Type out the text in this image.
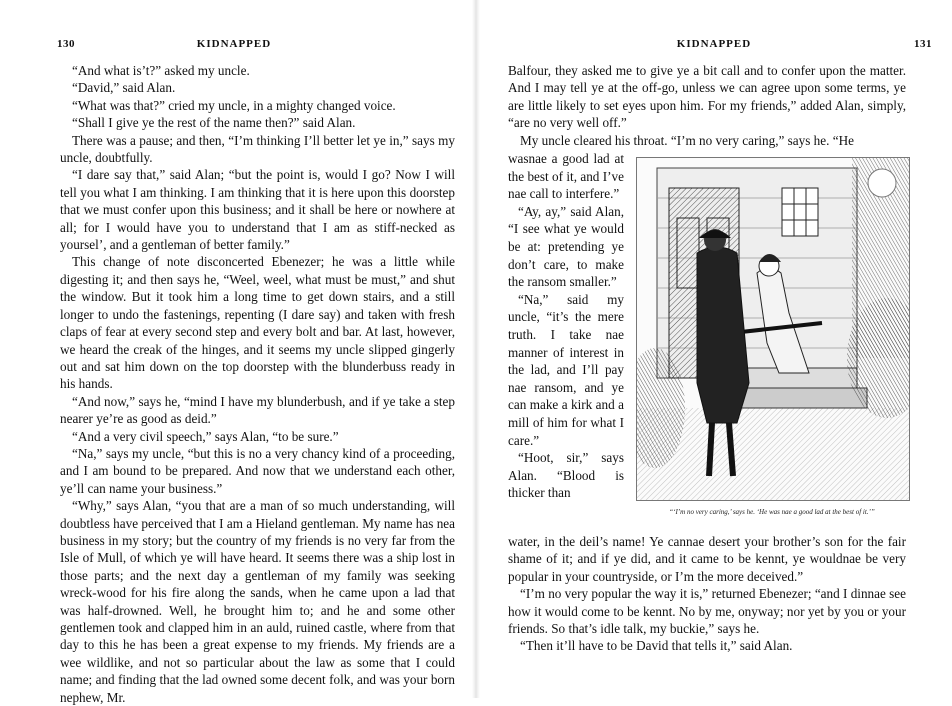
130	KIDNAPPED

“And what is’t?” asked my uncle.

“David,” said Alan.

“What was that?” cried my uncle, in a mighty changed voice.

“Shall I give ye the rest of the name then?” said Alan.

There was a pause; and then, “I’m thinking I’ll better let ye in,” says my uncle, doubtfully.

“I dare say that,” said Alan; “but the point is, would I go? Now I will tell you what I am thinking. I am thinking that it is here upon this doorstep that we must confer upon this business; and it shall be here or nowhere at all; for I would have you to understand that I am as stiff-necked as yoursel’, and a gentleman of better family.”

This change of note disconcerted Ebenezer; he was a little while digesting it; and then says he, “Weel, weel, what must be must,” and shut the window. But it took him a long time to get down stairs, and a still longer to undo the fastenings, repenting (I dare say) and taken with fresh claps of fear at every second step and every bolt and bar. At last, however, we heard the creak of the hinges, and it seems my uncle slipped gingerly out and sat him down on the top doorstep with the blunderbuss ready in his hands.

“And now,” says he, “mind I have my blunderbush, and if ye take a step nearer ye’re as good as deid.”

“And a very civil speech,” says Alan, “to be sure.”

“Na,” says my uncle, “but this is no a very chancy kind of a proceeding, and I am bound to be prepared. And now that we understand each other, ye’ll can name your business.”

“Why,” says Alan, “you that are a man of so much understanding, will doubtless have perceived that I am a Hieland gentleman. My name has nea business in my story; but the country of my friends is no very far from the Isle of Mull, of which ye will have heard. It seems there was a ship lost in those parts; and the next day a gentleman of my family was seeking wreck-wood for his fire along the sands, when he came upon a lad that was half-drowned. Well, he brought him to; and he and some other gentlemen took and clapped him in an auld, ruined castle, where from that day to this he has been a great expense to my friends. My friends are a wee wildlike, and not so particular about the law as some that I could name; and finding that the lad owned some decent folk, and was your born nephew, Mr.

KIDNAPPED	131

Balfour, they asked me to give ye a bit call and to confer upon the matter. And I may tell ye at the off-go, unless we can agree upon some terms, ye are little likely to set eyes upon him. For my friends,” added Alan, simply, “are no very well off.”

My uncle cleared his throat. “I’m no very caring,” says he. “He

wasnae a good lad at the best of it, and I’ve nae call to interfere.”

“Ay, ay,” said Alan, “I see what ye would be at: pretending ye don’t care, to make the ransom smaller.”

“Na,” said my uncle, “it’s the mere truth. I take nae manner of interest in the lad, and I’ll pay nae ransom, and ye can make a kirk and a mill of him for what I care.”

“Hoot, sir,” says Alan. “Blood is thicker than

“‘I’m no very caring,’ says he. ‘He was nae a good lad at the best of it.’”

water, in the deil’s name! Ye cannae desert your brother’s son for the fair shame of it; and if ye did, and it came to be kennt, ye wouldnae be very popular in your countryside, or I’m the more deceived.”

“I’m no very popular the way it is,” returned Ebenezer; “and I dinnae see how it would come to be kennt. No by me, onyway; nor yet by you or your friends. So that’s idle talk, my buckie,” says he.

“Then it’ll have to be David that tells it,” said Alan.
